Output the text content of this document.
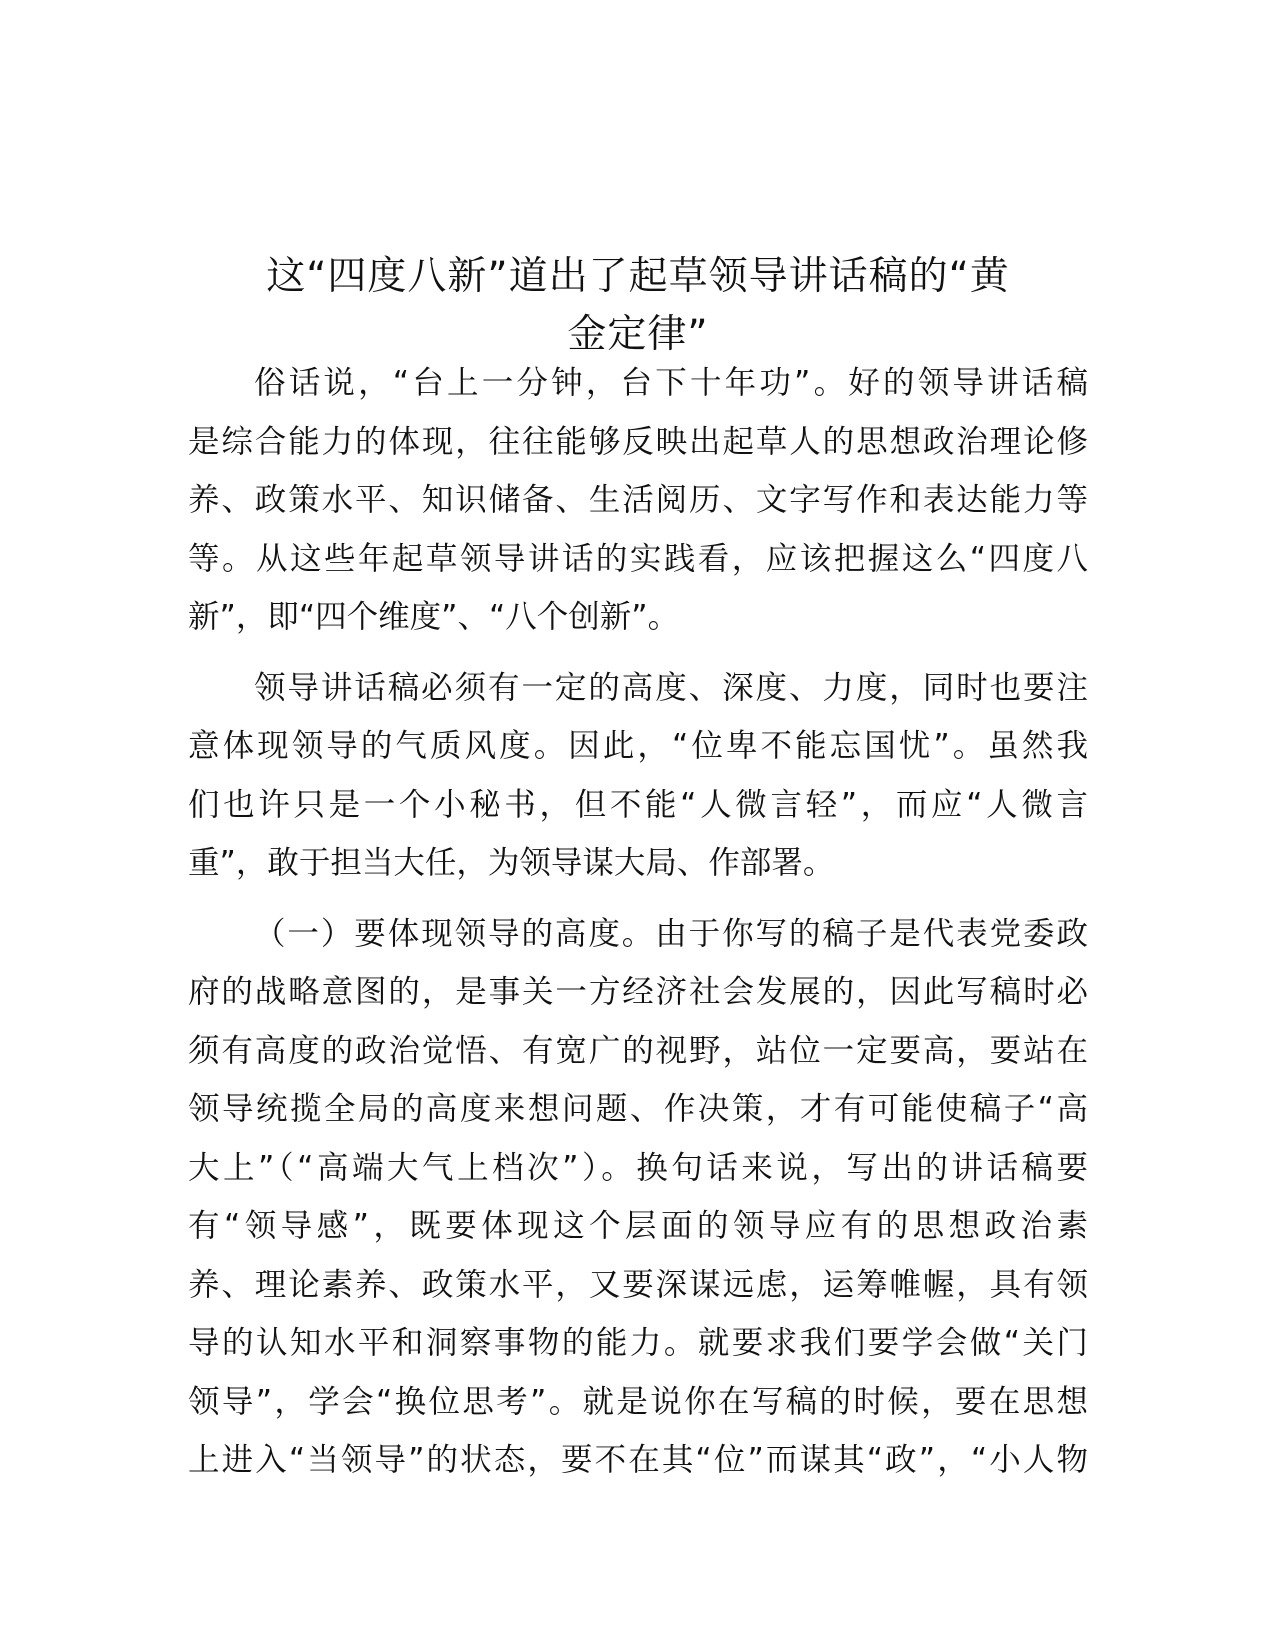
这“四度八新”道出了起草领导讲话稿的“黄
金定律”

俗话说，“台上一分钟，台下十年功”。好的领导讲话稿
是综合能力的体现，往往能够反映出起草人的思想政治理论修
养、政策水平、知识储备、生活阅历、文字写作和表达能力等
等。从这些年起草领导讲话的实践看，应该把握这么“四度八
新”，即“四个维度”、“八个创新”。

领导讲话稿必须有一定的高度、深度、力度，同时也要注
意体现领导的气质风度。因此，“位卑不能忘国忧”。虽然我
们也许只是一个小秘书，但不能“人微言轻”，而应“人微言
重”，敢于担当大任，为领导谋大局、作部署。

（一）要体现领导的高度。由于你写的稿子是代表党委政
府的战略意图的，是事关一方经济社会发展的，因此写稿时必
须有高度的政治觉悟、有宽广的视野，站位一定要高，要站在
领导统揽全局的高度来想问题、作决策，才有可能使稿子“高
大上”（“高端大气上档次”）。换句话来说，写出的讲话稿要
有“领导感”，既要体现这个层面的领导应有的思想政治素
养、理论素养、政策水平，又要深谋远虑，运筹帷幄，具有领
导的认知水平和洞察事物的能力。就要求我们要学会做“关门
领导”，学会“换位思考”。就是说你在写稿的时候，要在思想
上进入“当领导”的状态，要不在其“位”而谋其“政”，“小人物
